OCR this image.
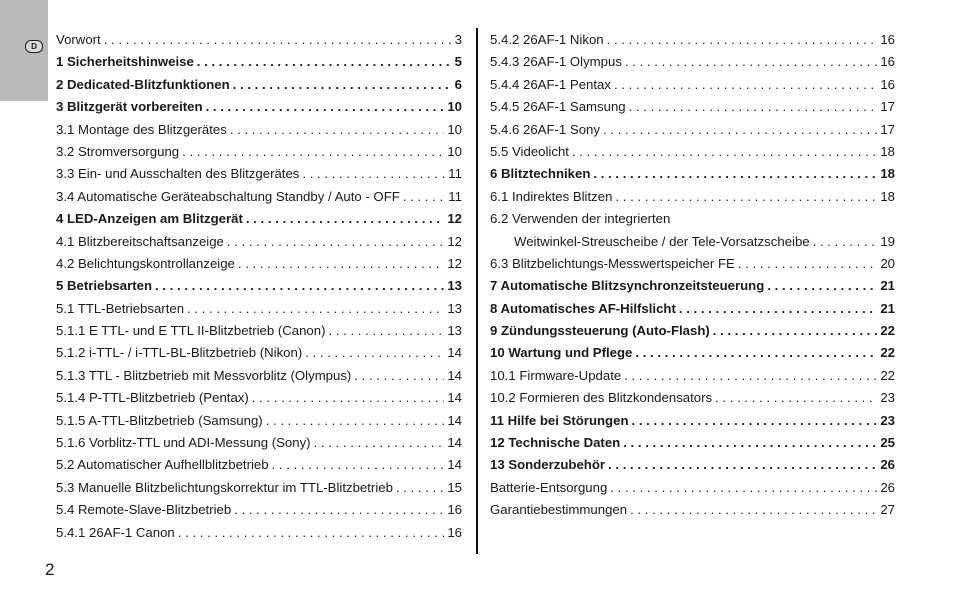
D	Vorwort . . .	3
1 Sicherheitshinweise . . .	5
2 Dedicated-Blitzfunktionen . . .	6
3 Blitzgerät vorbereiten . . .	10
3.1 Montage des Blitzgerätes . . .	10
3.2 Stromversorgung . . .	10
3.3 Ein- und Ausschalten des Blitzgerätes . . .	11
3.4 Automatische Geräteabschaltung Standby / Auto - OFF . . .	11
4 LED-Anzeigen am Blitzgerät . . .	12
4.1 Blitzbereitschaftsanzeige . . .	12
4.2 Belichtungskontrollanzeige . . .	12
5 Betriebsarten . . .	13
5.1 TTL-Betriebsarten . . .	13
5.1.1 E TTL- und E TTL II-Blitzbetrieb (Canon) . . .	13
5.1.2 i-TTL- / i-TTL-BL-Blitzbetrieb (Nikon) . . .	14
5.1.3 TTL - Blitzbetrieb mit Messvorblitz (Olympus) . . .	14
5.1.4 P-TTL-Blitzbetrieb (Pentax) . . .	14
5.1.5 A-TTL-Blitzbetrieb (Samsung) . . .	14
5.1.6 Vorblitz-TTL und ADI-Messung (Sony) . . .	14
5.2 Automatischer Aufhellblitzbetrieb . . .	14
5.3 Manuelle Blitzbelichtungskorrektur im TTL-Blitzbetrieb . . .	15
5.4 Remote-Slave-Blitzbetrieb . . .	16
5.4.1 26AF-1 Canon . . .	16
5.4.2 26AF-1 Nikon . . .	16
5.4.3 26AF-1 Olympus . . .	16
5.4.4 26AF-1 Pentax . . .	16
5.4.5 26AF-1 Samsung . . .	17
5.4.6 26AF-1 Sony . . .	17
5.5 Videolicht . . .	18
6 Blitztechniken . . .	18
6.1 Indirektes Blitzen . . .	18
6.2 Verwenden der integrierten
Weitwinkel-Streuscheibe / der Tele-Vorsatzscheibe . . .	19
6.3 Blitzbelichtungs-Messwertspeicher FE . . .	20
7 Automatische Blitzsynchronzeitsteuerung . . .	21
8 Automatisches AF-Hilfslicht . . .	21
9 Zündungssteuerung (Auto-Flash) . . .	22
10 Wartung und Pflege . . .	22
10.1 Firmware-Update . . .	22
10.2 Formieren des Blitzkondensators . . .	23
11 Hilfe bei Störungen . . .	23
12 Technische Daten . . .	25
13 Sonderzubehör . . .	26
Batterie-Entsorgung . . .	26
Garantiebestimmungen . . .	27
2
